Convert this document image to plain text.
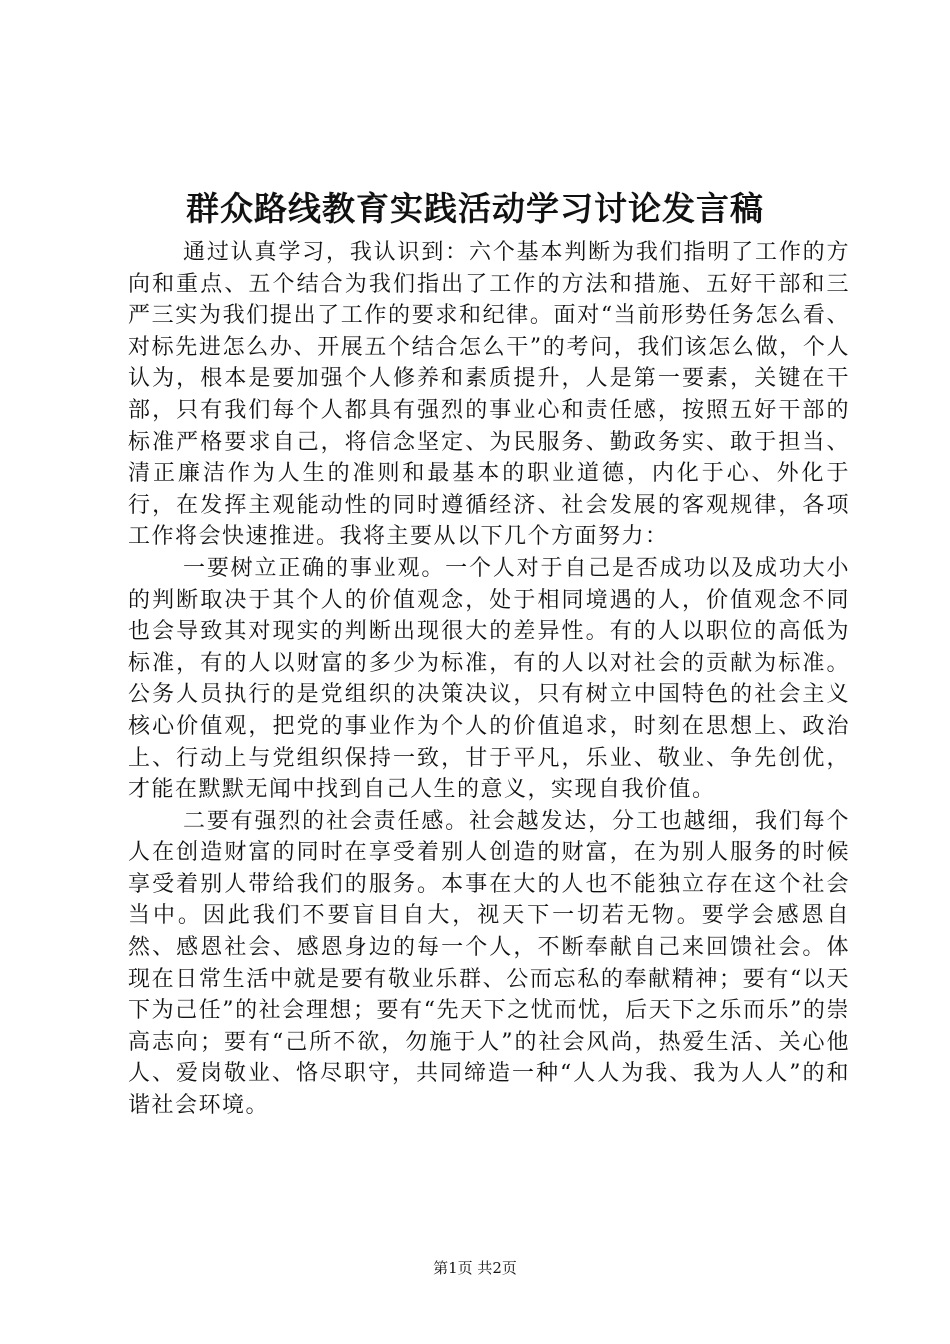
群众路线教育实践活动学习讨论发言稿

通过认真学习，我认识到：六个基本判断为我们指明了工作的方向和重点、五个结合为我们指出了工作的方法和措施、五好干部和三严三实为我们提出了工作的要求和纪律。面对“当前形势任务怎么看、对标先进怎么办、开展五个结合怎么干”的考问，我们该怎么做，个人认为，根本是要加强个人修养和素质提升，人是第一要素，关键在干部，只有我们每个人都具有强烈的事业心和责任感，按照五好干部的标准严格要求自己，将信念坚定、为民服务、勤政务实、敢于担当、清正廉洁作为人生的准则和最基本的职业道德，内化于心、外化于行，在发挥主观能动性的同时遵循经济、社会发展的客观规律，各项工作将会快速推进。我将主要从以下几个方面努力：

一要树立正确的事业观。一个人对于自己是否成功以及成功大小的判断取决于其个人的价值观念，处于相同境遇的人，价值观念不同也会导致其对现实的判断出现很大的差异性。有的人以职位的高低为标准，有的人以财富的多少为标准，有的人以对社会的贡献为标准。公务人员执行的是党组织的决策决议，只有树立中国特色的社会主义核心价值观，把党的事业作为个人的价值追求，时刻在思想上、政治上、行动上与党组织保持一致，甘于平凡，乐业、敬业、争先创优，才能在默默无闻中找到自己人生的意义，实现自我价值。

二要有强烈的社会责任感。社会越发达，分工也越细，我们每个人在创造财富的同时在享受着别人创造的财富，在为别人服务的时候享受着别人带给我们的服务。本事在大的人也不能独立存在这个社会当中。因此我们不要盲目自大，视天下一切若无物。要学会感恩自然、感恩社会、感恩身边的每一个人，不断奉献自己来回馈社会。体现在日常生活中就是要有敬业乐群、公而忘私的奉献精神；要有“以天下为己任”的社会理想；要有“先天下之忧而忧，后天下之乐而乐”的崇高志向；要有“己所不欲，勿施于人”的社会风尚，热爱生活、关心他人、爱岗敬业、恪尽职守，共同缔造一种“人人为我、我为人人”的和谐社会环境。

第1页 共2页
